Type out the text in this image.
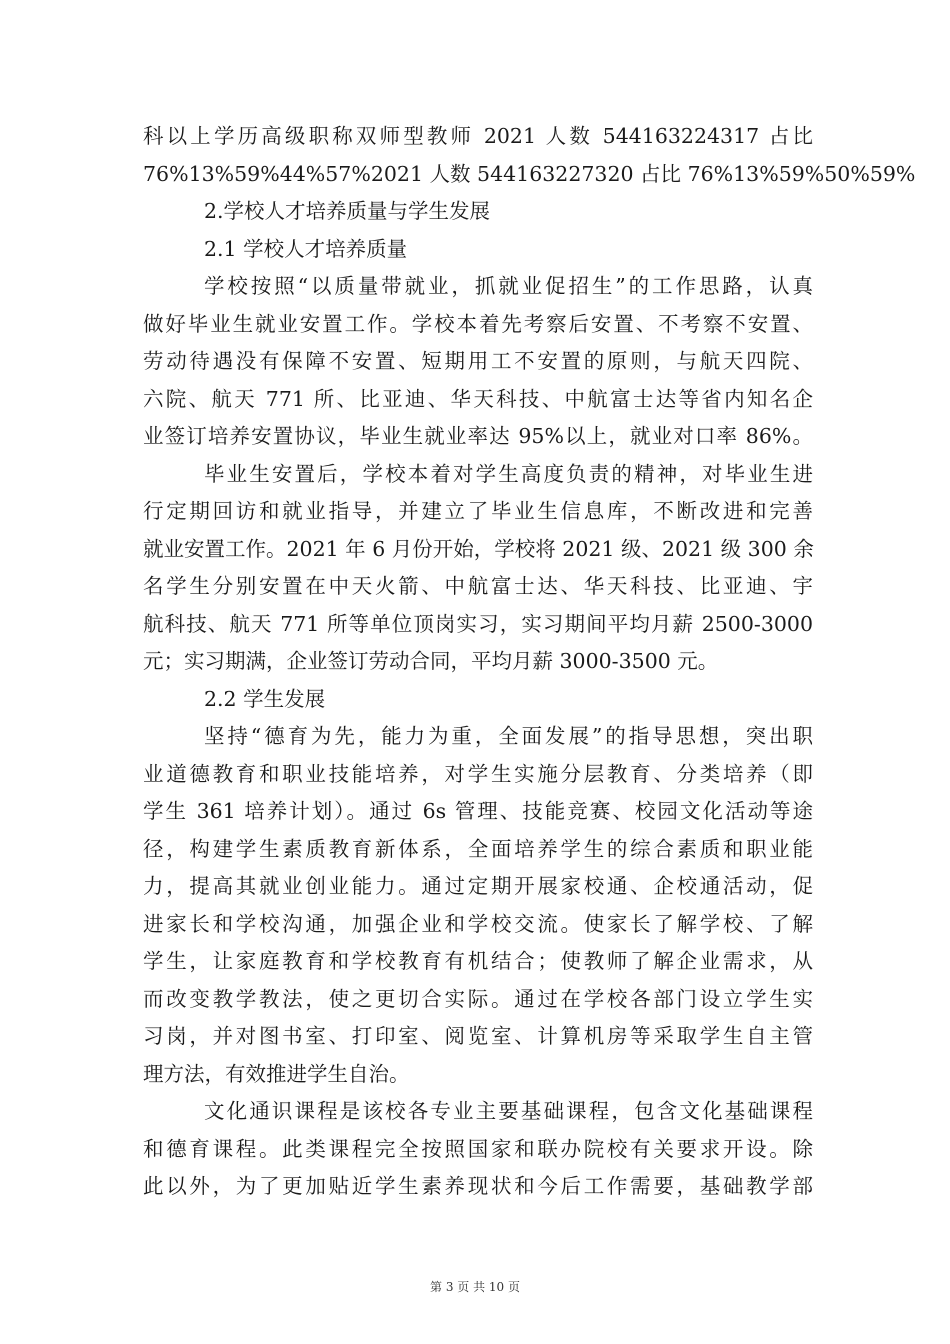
科以上学历高级职称双师型教师 2021 人数 544163224317 占比
76%13%59%44%57%2021 人数 544163227320 占比 76%13%59%50%59%
2.学校人才培养质量与学生发展
2.1 学校人才培养质量
学校按照“以质量带就业，抓就业促招生”的工作思路，认真
做好毕业生就业安置工作。学校本着先考察后安置、不考察不安置、
劳动待遇没有保障不安置、短期用工不安置的原则，与航天四院、
六院、航天 771 所、比亚迪、华天科技、中航富士达等省内知名企
业签订培养安置协议，毕业生就业率达 95%以上，就业对口率 86%。
毕业生安置后，学校本着对学生高度负责的精神，对毕业生进
行定期回访和就业指导，并建立了毕业生信息库，不断改进和完善
就业安置工作。2021 年 6 月份开始，学校将 2021 级、2021 级 300 余
名学生分别安置在中天火箭、中航富士达、华天科技、比亚迪、宇
航科技、航天 771 所等单位顶岗实习，实习期间平均月薪 2500-3000
元；实习期满，企业签订劳动合同，平均月薪 3000-3500 元。
2.2 学生发展
坚持“德育为先，能力为重，全面发展”的指导思想，突出职
业道德教育和职业技能培养，对学生实施分层教育、分类培养（即
学生 361 培养计划）。通过 6s 管理、技能竞赛、校园文化活动等途
径，构建学生素质教育新体系，全面培养学生的综合素质和职业能
力，提高其就业创业能力。通过定期开展家校通、企校通活动，促
进家长和学校沟通，加强企业和学校交流。使家长了解学校、了解
学生，让家庭教育和学校教育有机结合；使教师了解企业需求，从
而改变教学教法，使之更切合实际。通过在学校各部门设立学生实
习岗，并对图书室、打印室、阅览室、计算机房等采取学生自主管
理方法，有效推进学生自治。
文化通识课程是该校各专业主要基础课程，包含文化基础课程
和德育课程。此类课程完全按照国家和联办院校有关要求开设。除
此以外，为了更加贴近学生素养现状和今后工作需要，基础教学部
第 3 页 共 10 页
